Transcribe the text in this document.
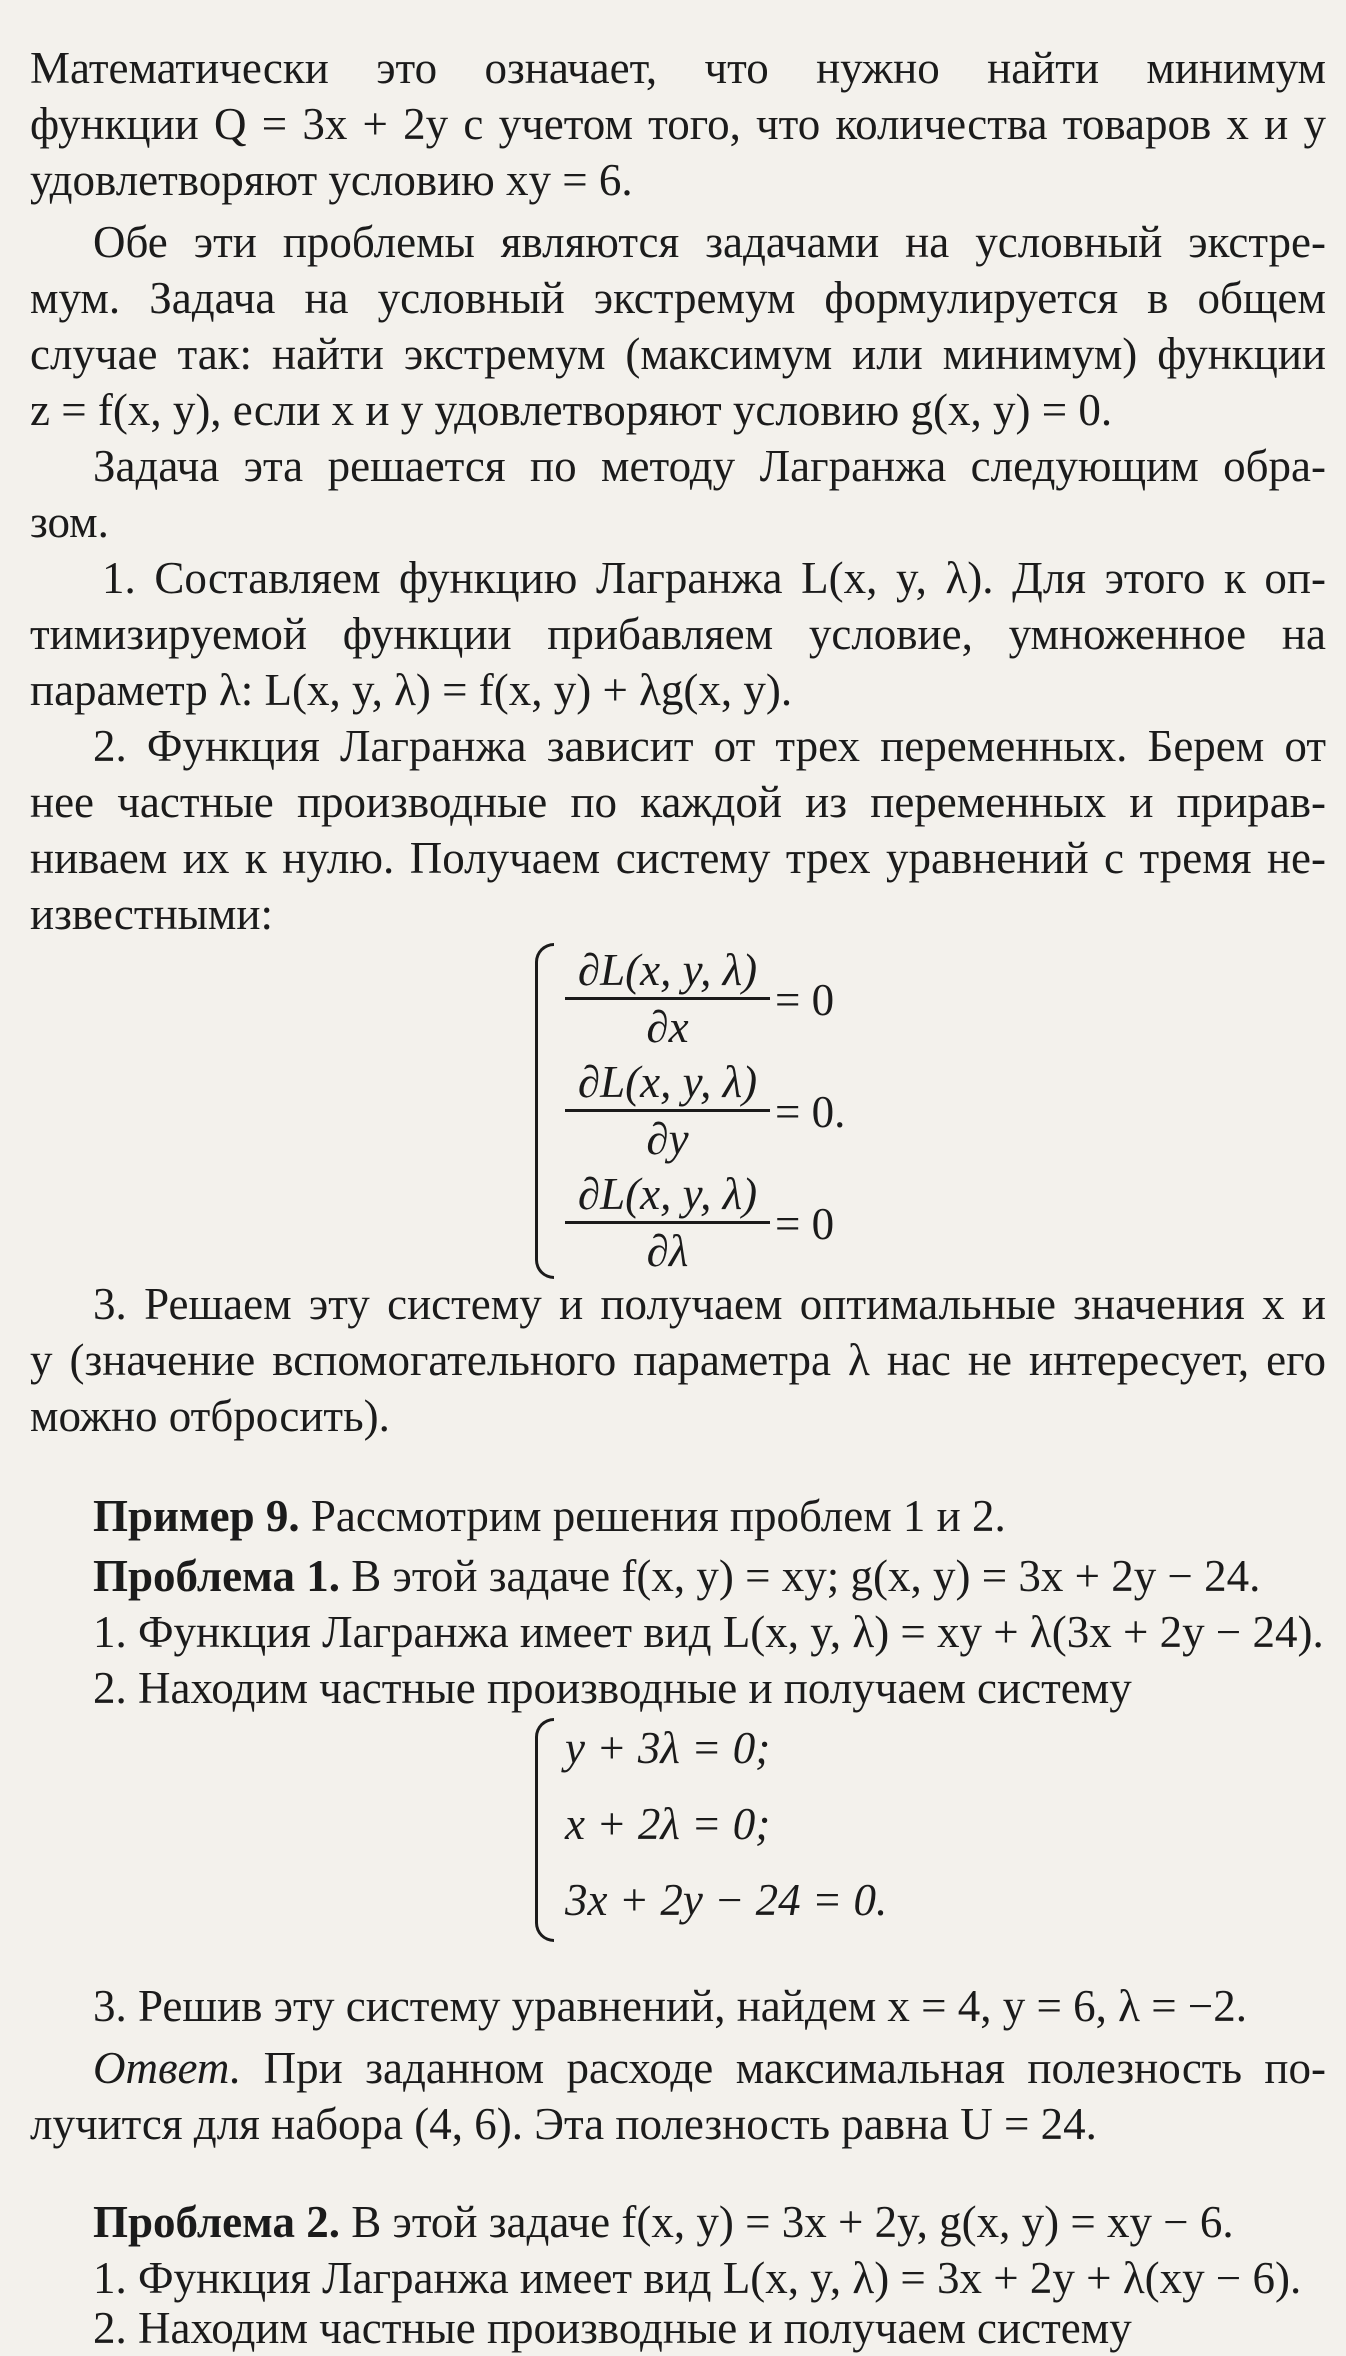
Математически это означает, что нужно найти минимум
функции Q = 3x + 2y с учетом того, что количества товаров x и y
удовлетворяют условию xy = 6.
Обе эти проблемы являются задачами на условный экстре-
мум. Задача на условный экстремум формулируется в общем
случае так: найти экстремум (максимум или минимум) функции
z = f(x, y), если x и y удовлетворяют условию g(x, y) = 0.
Задача эта решается по методу Лагранжа следующим обра-
зом.
1. Составляем функцию Лагранжа L(x, y, λ). Для этого к оп-
тимизируемой функции прибавляем условие, умноженное на
параметр λ: L(x, y, λ) = f(x, y) + λg(x, y).
2. Функция Лагранжа зависит от трех переменных. Берем от
нее частные производные по каждой из переменных и прирав-
ниваем их к нулю. Получаем систему трех уравнений с тремя не-
известными:
∂L(x, y, λ)
∂x
= 0
∂L(x, y, λ)
∂y
= 0.
∂L(x, y, λ)
∂λ
= 0
3. Решаем эту систему и получаем оптимальные значения x и
y (значение вспомогательного параметра λ нас не интересует, его
можно отбросить).
Пример 9. Рассмотрим решения проблем 1 и 2.
Проблема 1. В этой задаче f(x, y) = xy; g(x, y) = 3x + 2y − 24.
1. Функция Лагранжа имеет вид L(x, y, λ) = xy + λ(3x + 2y − 24).
2. Находим частные производные и получаем систему
y + 3λ = 0;
x + 2λ = 0;
3x + 2y − 24 = 0.
3. Решив эту систему уравнений, найдем x = 4, y = 6, λ = −2.
Ответ. При заданном расходе максимальная полезность по-
лучится для набора (4, 6). Эта полезность равна U = 24.
Проблема 2. В этой задаче f(x, y) = 3x + 2y, g(x, y) = xy − 6.
1. Функция Лагранжа имеет вид L(x, y, λ) = 3x + 2y + λ(xy − 6).
2. Находим частные производные и получаем систему
